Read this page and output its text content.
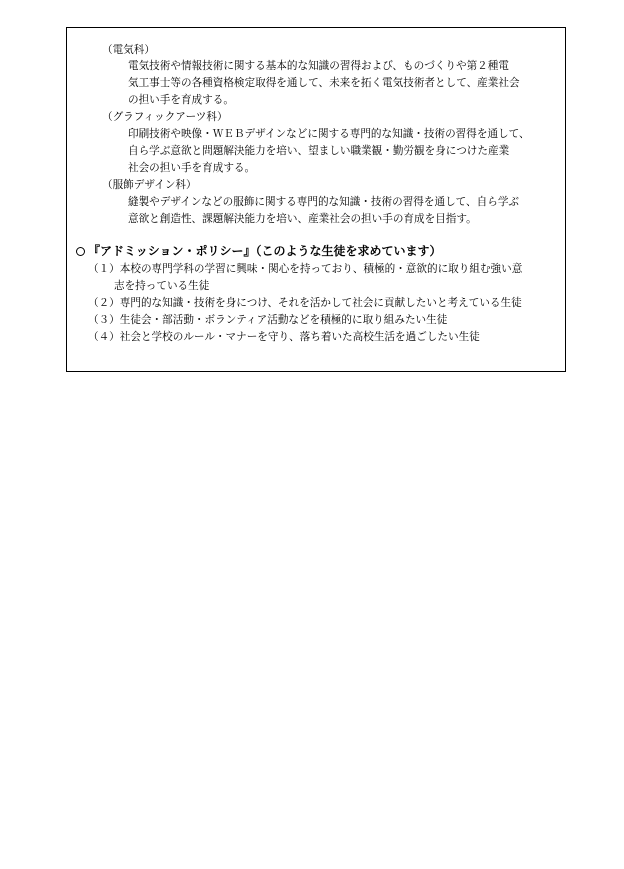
（電気科）
電気技術や情報技術に関する基本的な知識の習得および、ものづくりや第２種電
気工事士等の各種資格検定取得を通して、未来を拓く電気技術者として、産業社会
の担い手を育成する。
（グラフィックアーツ科）
印刷技術や映像・ＷＥＢデザインなどに関する専門的な知識・技術の習得を通して、
自ら学ぶ意欲と問題解決能力を培い、望ましい職業観・勤労観を身につけた産業
社会の担い手を育成する。
（服飾デザイン科）
縫製やデザインなどの服飾に関する専門的な知識・技術の習得を通して、自ら学ぶ
意欲と創造性、課題解決能力を培い、産業社会の担い手の育成を目指す。
『アドミッション・ポリシー』（このような生徒を求めています）
（１）本校の専門学科の学習に興味・関心を持っており、積極的・意欲的に取り組む強い意
志を持っている生徒
（２）専門的な知識・技術を身につけ、それを活かして社会に貢献したいと考えている生徒
（３）生徒会・部活動・ボランティア活動などを積極的に取り組みたい生徒
（４）社会と学校のルール・マナーを守り、落ち着いた高校生活を過ごしたい生徒
